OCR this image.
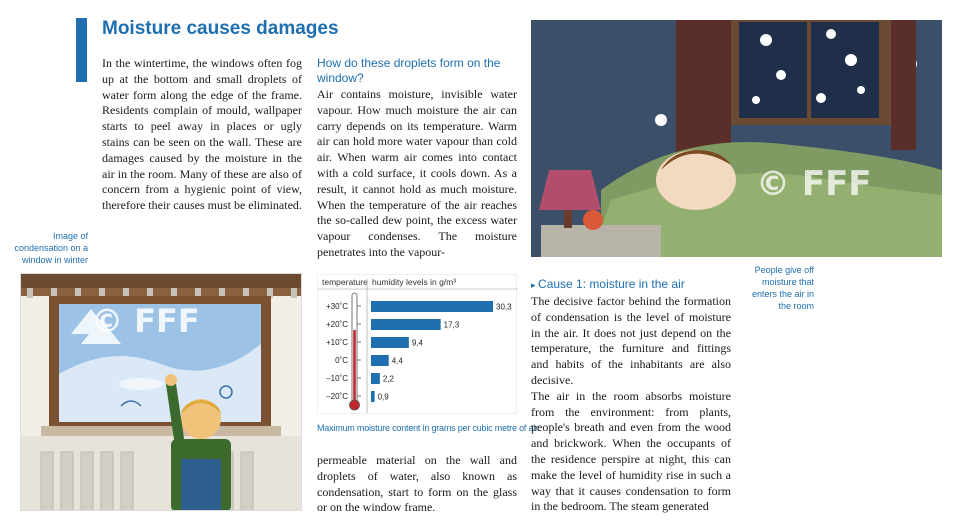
Moisture causes damages
In the wintertime, the windows often fog up at the bottom and small droplets of water form along the edge of the frame. Residents complain of mould, wallpaper starts to peel away in places or ugly stains can be seen on the wall. These are damages caused by the moisture in the air in the room. Many of these are also of concern from a hygienic point of view, therefore their causes must be eliminated.
How do these droplets form on the window?
Air contains moisture, invisible water vapour. How much moisture the air can carry depends on its temperature. Warm air can hold more water vapour than cold air. When warm air comes into contact with a cold surface, it cools down. As a result, it cannot hold as much moisture. When the temperature of the air reaches the so-called dew point, the excess water vapour condenses. The moisture penetrates into the vapour-
Image of condensation on a window in winter
© FFF
© FFF
People give off moisture that enters the air in the room
temperature humidity levels in g/m³
+30˚C	30,3
+20˚C	17,3
+10˚C	9,4
0˚C	4,4
–10˚C	2,2
–20˚C	0,9
Maximum moisture content in grams per cubic metre of air.
permeable material on the wall and droplets of water, also known as condensation, start to form on the glass or on the window frame.
▸ Cause 1: moisture in the air
The decisive factor behind the formation of condensation is the level of moisture in the air. It does not just depend on the temperature, the furniture and fittings and habits of the inhabitants are also decisive.
The air in the room absorbs moisture from the environment: from plants, people's breath and even from the wood and brickwork. When the occupants of the residence perspire at night, this can make the level of humidity rise in such a way that it causes condensation to form in the bedroom. The steam generated
